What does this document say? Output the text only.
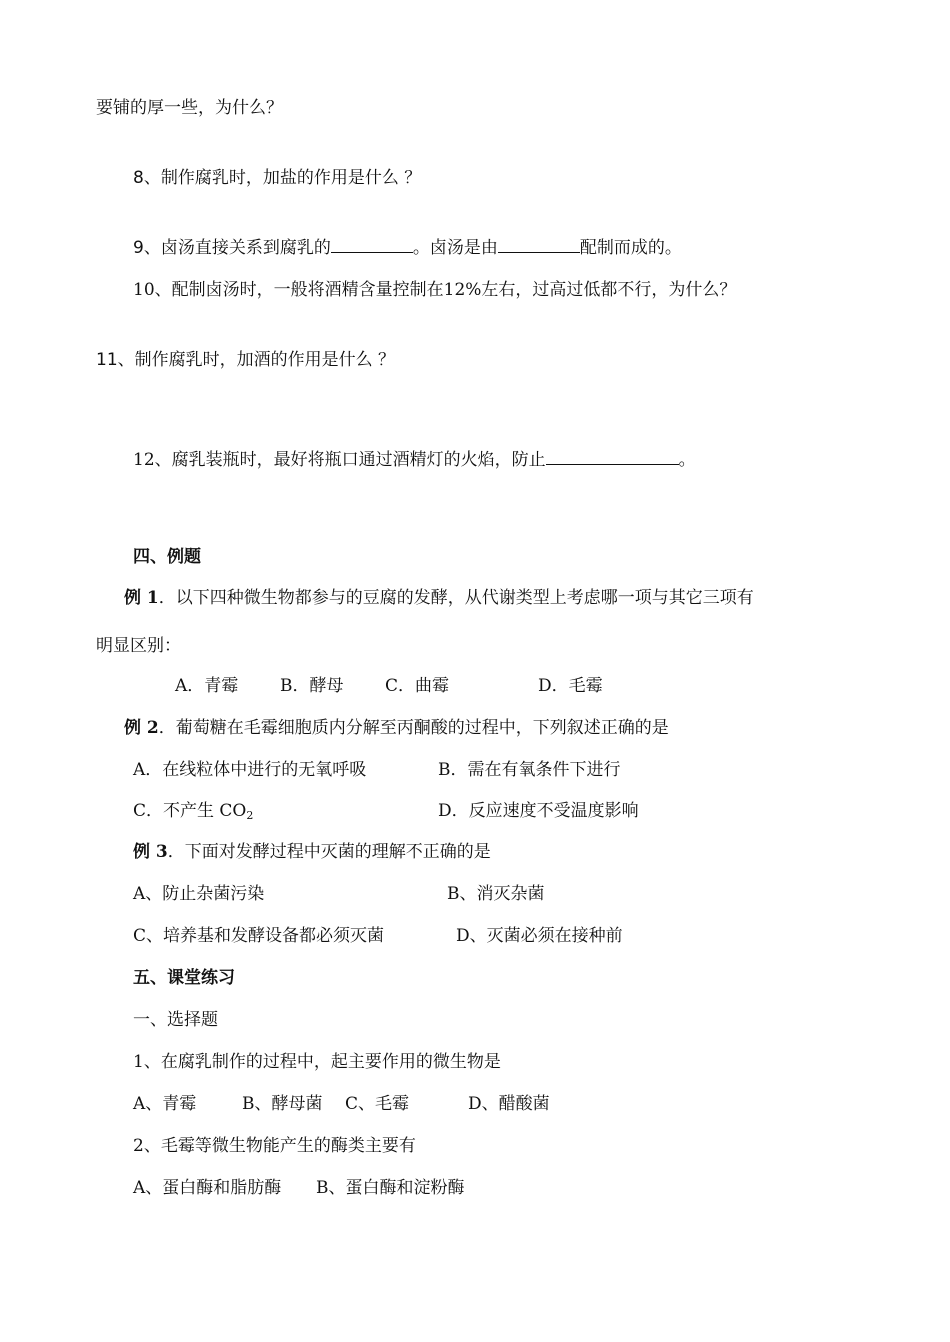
要铺的厚一些，为什么？
8、制作腐乳时，加盐的作用是什么 ？
9、卤汤直接关系到腐乳的	。卤汤是由	配制而成的。
10、配制卤汤时，一般将酒精含量控制在12%左右，过高过低都不行，为什么？
11、制作腐乳时，加酒的作用是什么 ？
12、腐乳装瓶时，最好将瓶口通过酒精灯的火焰，防止	。
四、例题
例 1．以下四种微生物都参与的豆腐的发酵，从代谢类型上考虑哪一项与其它三项有
明显区别：
A．青霉 B．酵母 C．曲霉	D．毛霉
例 2．葡萄糖在毛霉细胞质内分解至丙酮酸的过程中，下列叙述正确的是
A．在线粒体中进行的无氧呼吸	B．需在有氧条件下进行
C．不产生 $CO_2$	D．反应速度不受温度影响
例 3．下面对发酵过程中灭菌的理解不正确的是
A、防止杂菌污染	B、消灭杂菌
C、培养基和发酵设备都必须灭菌	D、灭菌必须在接种前
五、课堂练习
一、选择题
1、在腐乳制作的过程中，起主要作用的微生物是
A、青霉	B、酵母菌 C、毛霉	D、醋酸菌
2、毛霉等微生物能产生的酶类主要有
A、蛋白酶和脂肪酶 B、蛋白酶和淀粉酶
